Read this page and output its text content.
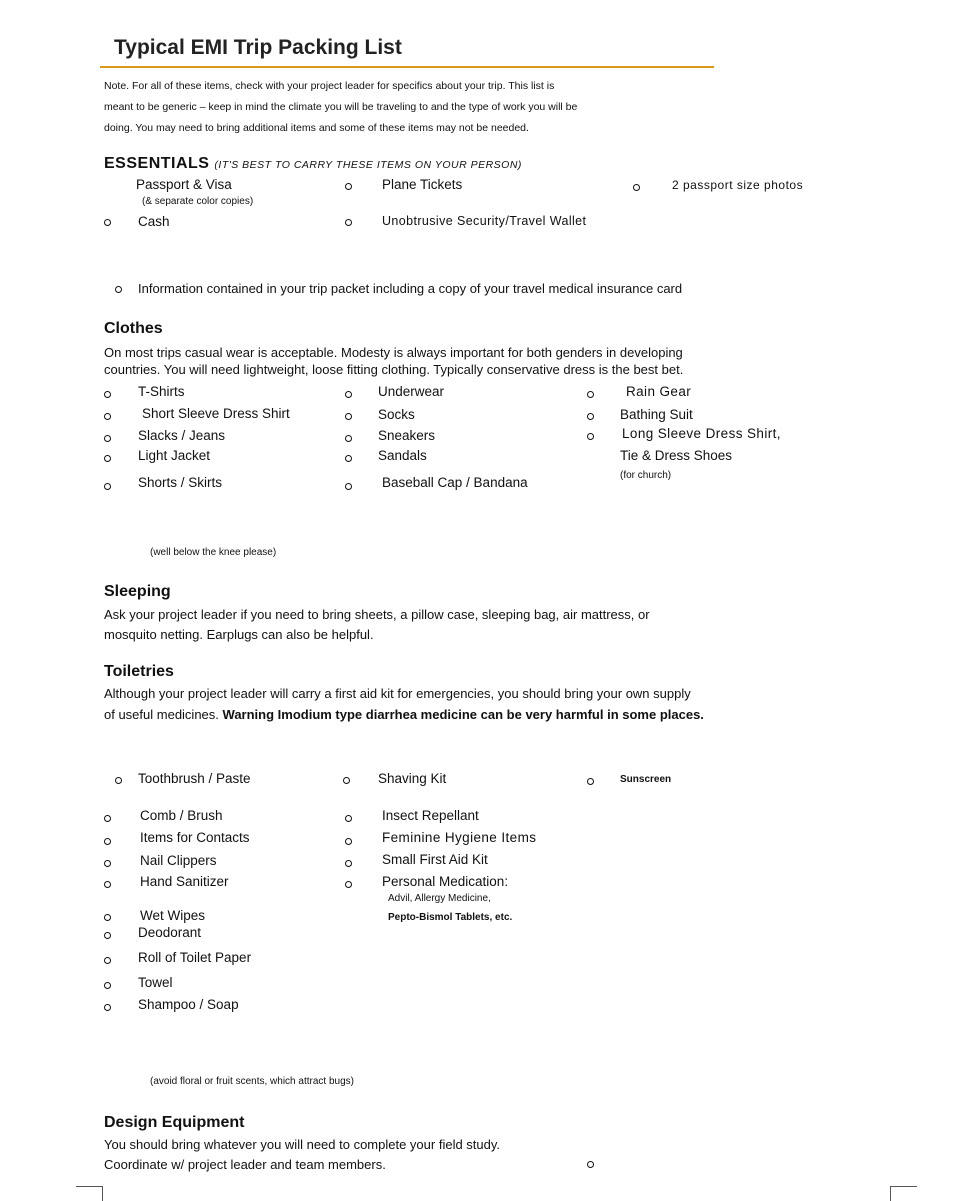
Typical EMI Trip Packing List
Note. For all of these items, check with your project leader for specifics about your trip. This list is
meant to be generic – keep in mind the climate you will be traveling to and the type of work you will be
doing. You may need to bring additional items and some of these items may not be needed.
ESSENTIALS (IT'S BEST TO CARRY THESE ITEMS ON YOUR PERSON)
Passport & Visa
(& separate color copies)
Plane Tickets	2 passport size photos
Cash	Unobtrusive Security/Travel Wallet
Information contained in your trip packet including a copy of your travel medical insurance card
Clothes
On most trips casual wear is acceptable. Modesty is always important for both genders in developing
countries. You will need lightweight, loose fitting clothing. Typically conservative dress is the best bet.
T-Shirts
Short Sleeve Dress Shirt
Slacks / Jeans
Light Jacket
Shorts / Skirts
Underwear
Socks
Sneakers
Sandals
Baseball Cap / Bandana
Rain Gear
Bathing Suit
Long Sleeve Dress Shirt,
Tie & Dress Shoes
(for church)
(well below the knee please)
Sleeping
Ask your project leader if you need to bring sheets, a pillow case, sleeping bag, air mattress, or
mosquito netting. Earplugs can also be helpful.
Toiletries
Although your project leader will carry a first aid kit for emergencies, you should bring your own supply
of useful medicines. Warning Imodium type diarrhea medicine can be very harmful in some places.
Toothbrush / Paste
Comb / Brush
Items for Contacts
Nail Clippers
Hand Sanitizer
Wet Wipes
Deodorant
Roll of Toilet Paper
Towel
Shampoo / Soap
Shaving Kit
Insect Repellant
Feminine Hygiene Items
Small First Aid Kit
Personal Medication:
Advil, Allergy Medicine,
Pepto-Bismol Tablets, etc.
Sunscreen
(avoid floral or fruit scents, which attract bugs)
Design Equipment
You should bring whatever you will need to complete your field study.
Coordinate w/ project leader and team members.
